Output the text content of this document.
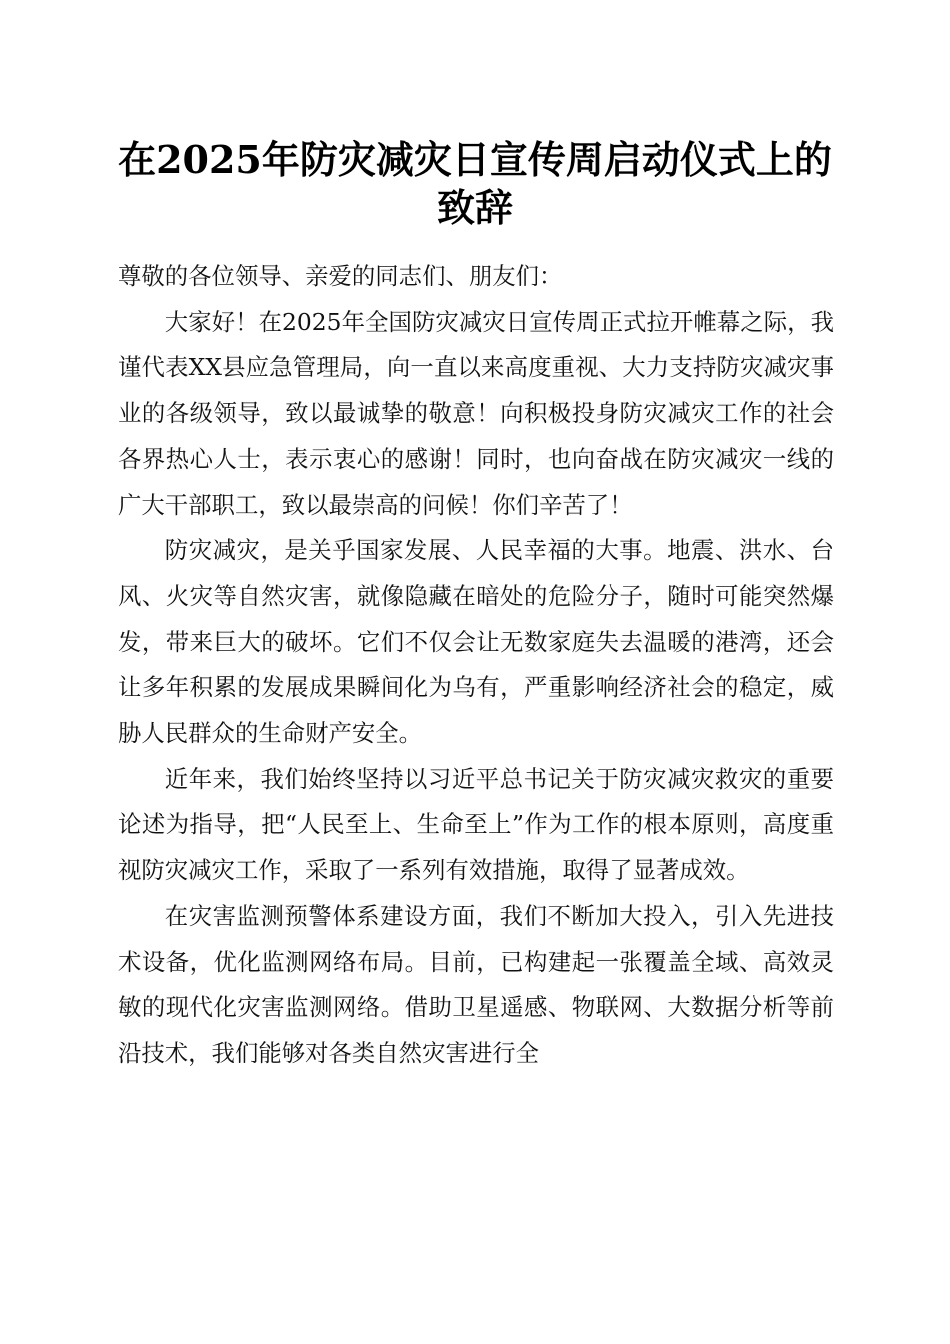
在2025年防灾减灾日宣传周启动仪式上的致辞

尊敬的各位领导、亲爱的同志们、朋友们：

大家好！在2025年全国防灾减灾日宣传周正式拉开帷幕之际，我谨代表XX县应急管理局，向一直以来高度重视、大力支持防灾减灾事业的各级领导，致以最诚挚的敬意！向积极投身防灾减灾工作的社会各界热心人士，表示衷心的感谢！同时，也向奋战在防灾减灾一线的广大干部职工，致以最崇高的问候！你们辛苦了！

防灾减灾，是关乎国家发展、人民幸福的大事。地震、洪水、台风、火灾等自然灾害，就像隐藏在暗处的危险分子，随时可能突然爆发，带来巨大的破坏。它们不仅会让无数家庭失去温暖的港湾，还会让多年积累的发展成果瞬间化为乌有，严重影响经济社会的稳定，威胁人民群众的生命财产安全。

近年来，我们始终坚持以习近平总书记关于防灾减灾救灾的重要论述为指导，把“人民至上、生命至上”作为工作的根本原则，高度重视防灾减灾工作，采取了一系列有效措施，取得了显著成效。

在灾害监测预警体系建设方面，我们不断加大投入，引入先进技术设备，优化监测网络布局。目前，已构建起一张覆盖全域、高效灵敏的现代化灾害监测网络。借助卫星遥感、物联网、大数据分析等前沿技术，我们能够对各类自然灾害进行全
